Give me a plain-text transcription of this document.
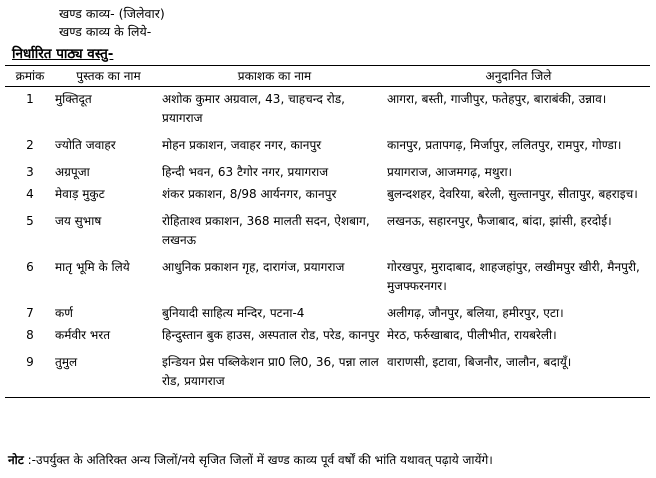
खण्ड काव्य- (जिलेवार)
खण्ड काव्य के लिये-
निर्धारित पाठ्य वस्तु-
क्रमांक	पुस्तक का नाम	प्रकाशक का नाम	अनुदानित जिले
1	मुक्तिदूत	अशोक कुमार अग्रवाल, 43, चाहचन्द रोड, प्रयागराज	आगरा, बस्ती, गाजीपुर, फतेहपुर, बाराबंकी, उन्नाव।
2	ज्योति जवाहर	मोहन प्रकाशन, जवाहर नगर, कानपुर	कानपुर, प्रतापगढ़, मिर्जापुर, ललितपुर, रामपुर, गोण्डा।
3	अग्रपूजा	हिन्दी भवन, 63 टैगोर नगर, प्रयागराज	प्रयागराज, आजमगढ़, मथुरा।
4	मेवाड़ मुकुट	शंकर प्रकाशन, 8/98 आर्यनगर, कानपुर	बुलन्दशहर, देवरिया, बरेली, सुल्तानपुर, सीतापुर, बहराइच।
5	जय सुभाष	रोहिताश्व प्रकाशन, 368 मालती सदन, ऐशबाग, लखनऊ	लखनऊ, सहारनपुर, फैजाबाद, बांदा, झांसी, हरदोई।
6	मातृ भूमि के लिये	आधुनिक प्रकाशन गृह, दारागंज, प्रयागराज	गोरखपुर, मुरादाबाद, शाहजहांपुर, लखीमपुर खीरी, मैनपुरी, मुजफ्फरनगर।
7	कर्ण	बुनियादी साहित्य मन्दिर, पटना-4	अलीगढ़, जौनपुर, बलिया, हमीरपुर, एटा।
8	कर्मवीर भरत	हिन्दुस्तान बुक हाउस, अस्पताल रोड, परेड, कानपुर	मेरठ, फर्रुखाबाद, पीलीभीत, रायबरेली।
9	तुमुल	इन्डियन प्रेस पब्लिकेशन प्रा0 लि0, 36, पन्ना लाल रोड, प्रयागराज	वाराणसी, इटावा, बिजनौर, जालौन, बदायूँ।
नोट :-उपर्युक्त के अतिरिक्त अन्य जिलों/नये सृजित जिलों में खण्ड काव्य पूर्व वर्षों की भांति यथावत् पढ़ाये जायेंगे।
